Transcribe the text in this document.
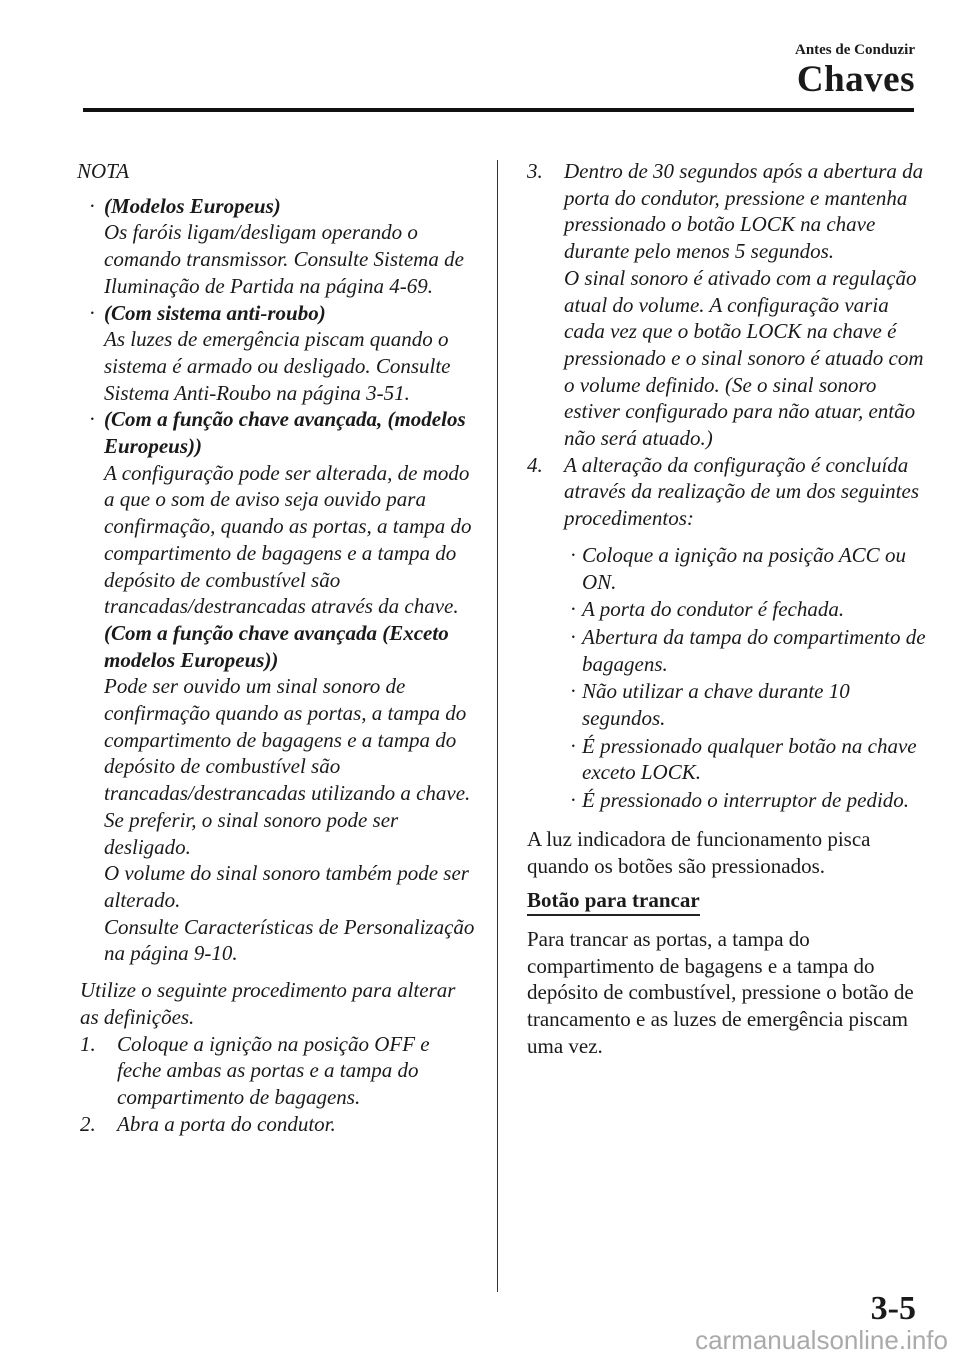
Antes de Conduzir
Chaves
NOTA
· (Modelos Europeus)
Os faróis ligam/desligam operando o comando transmissor. Consulte Sistema de Iluminação de Partida na página 4-69.
· (Com sistema anti-roubo)
As luzes de emergência piscam quando o sistema é armado ou desligado. Consulte Sistema Anti-Roubo na página 3-51.
· (Com a função chave avançada, (modelos Europeus))
A configuração pode ser alterada, de modo a que o som de aviso seja ouvido para confirmação, quando as portas, a tampa do compartimento de bagagens e a tampa do depósito de combustível são trancadas/destrancadas através da chave.
(Com a função chave avançada (Exceto modelos Europeus))
Pode ser ouvido um sinal sonoro de confirmação quando as portas, a tampa do compartimento de bagagens e a tampa do depósito de combustível são trancadas/destrancadas utilizando a chave. Se preferir, o sinal sonoro pode ser desligado.
O volume do sinal sonoro também pode ser alterado.
Consulte Características de Personalização na página 9-10.
Utilize o seguinte procedimento para alterar as definições.
1. Coloque a ignição na posição OFF e feche ambas as portas e a tampa do compartimento de bagagens.
2. Abra a porta do condutor.
3. Dentro de 30 segundos após a abertura da porta do condutor, pressione e mantenha pressionado o botão LOCK na chave durante pelo menos 5 segundos.
O sinal sonoro é ativado com a regulação atual do volume. A configuração varia cada vez que o botão LOCK na chave é pressionado e o sinal sonoro é atuado com o volume definido. (Se o sinal sonoro estiver configurado para não atuar, então não será atuado.)
4. A alteração da configuração é concluída através da realização de um dos seguintes procedimentos:
· Coloque a ignição na posição ACC ou ON.
· A porta do condutor é fechada.
· Abertura da tampa do compartimento de bagagens.
· Não utilizar a chave durante 10 segundos.
· É pressionado qualquer botão na chave exceto LOCK.
· É pressionado o interruptor de pedido.
A luz indicadora de funcionamento pisca quando os botões são pressionados.
Botão para trancar
Para trancar as portas, a tampa do compartimento de bagagens e a tampa do depósito de combustível, pressione o botão de trancamento e as luzes de emergência piscam uma vez.
3-5
carmanualsonline.info
